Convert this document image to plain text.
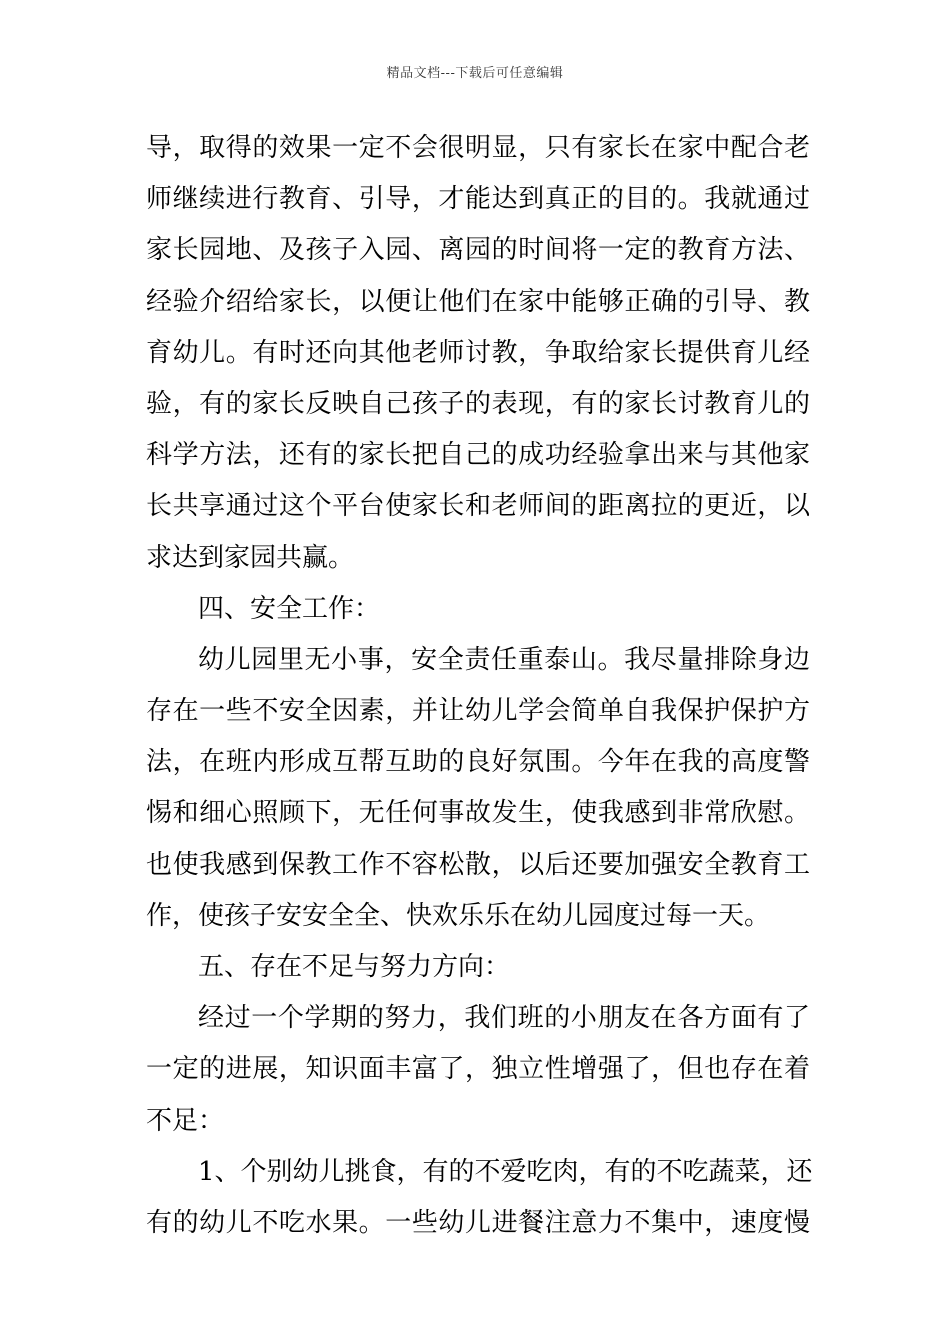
精品文档---下载后可任意编辑
导，取得的效果一定不会很明显，只有家长在家中配合老
师继续进行教育、引导，才能达到真正的目的。我就通过
家长园地、及孩子入园、离园的时间将一定的教育方法、
经验介绍给家长，以便让他们在家中能够正确的引导、教
育幼儿。有时还向其他老师讨教，争取给家长提供育儿经
验，有的家长反映自己孩子的表现，有的家长讨教育儿的
科学方法，还有的家长把自己的成功经验拿出来与其他家
长共享通过这个平台使家长和老师间的距离拉的更近，以
求达到家园共赢。
四、安全工作：
幼儿园里无小事，安全责任重泰山。我尽量排除身边
存在一些不安全因素，并让幼儿学会简单自我保护保护方
法，在班内形成互帮互助的良好氛围。今年在我的高度警
惕和细心照顾下，无任何事故发生，使我感到非常欣慰。
也使我感到保教工作不容松散，以后还要加强安全教育工
作，使孩子安安全全、快欢乐乐在幼儿园度过每一天。
五、存在不足与努力方向：
经过一个学期的努力，我们班的小朋友在各方面有了
一定的进展，知识面丰富了，独立性增强了，但也存在着
不足：
1、个别幼儿挑食，有的不爱吃肉，有的不吃蔬菜，还
有的幼儿不吃水果。一些幼儿进餐注意力不集中，速度慢
